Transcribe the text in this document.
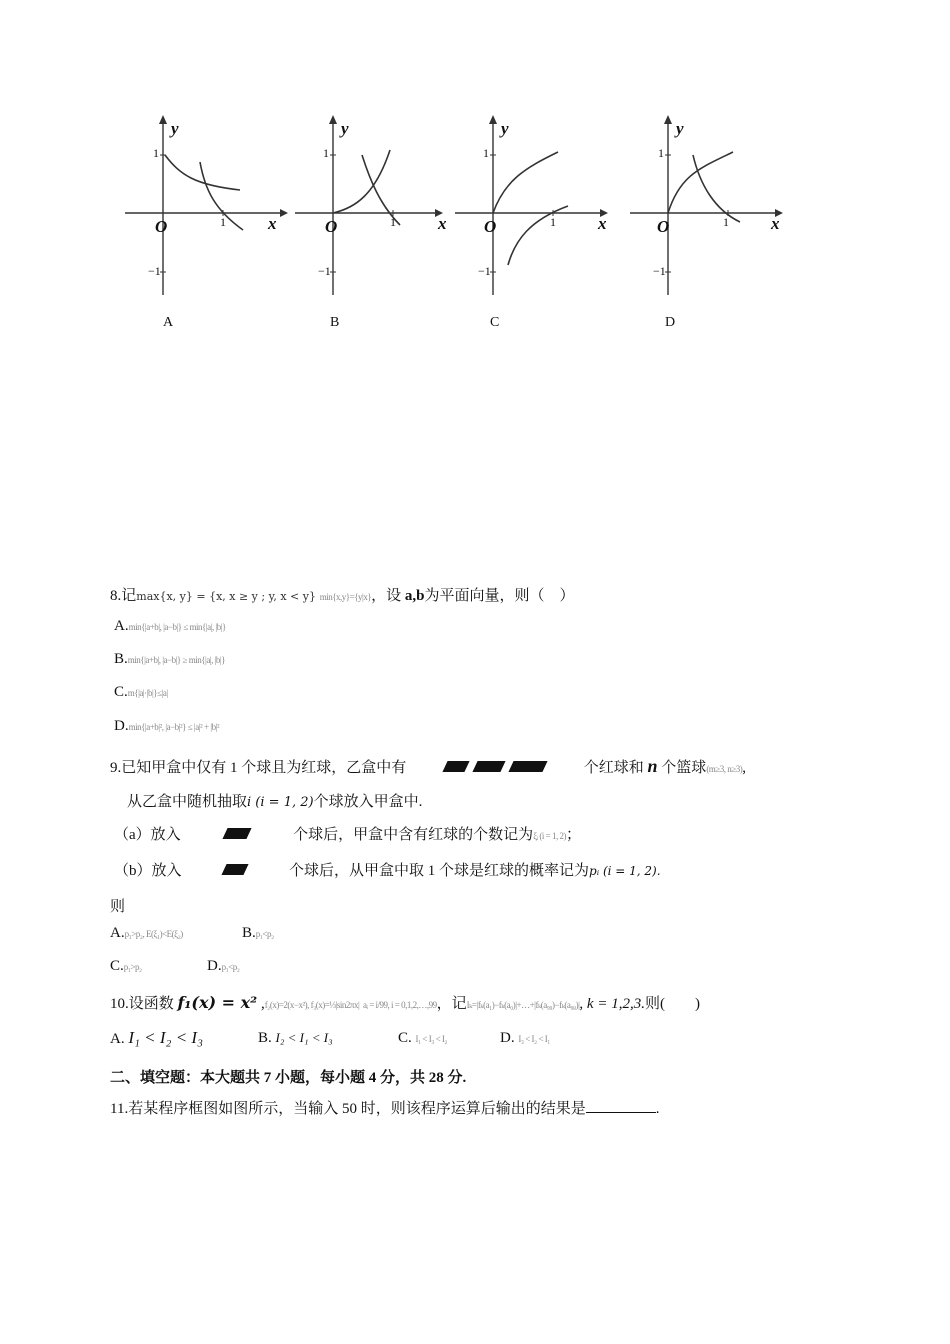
y
1
−1
O	1 x
y
1
−1
O	1 x
y
1
−1
O	1 x
y
1
−1
O	1 x
A	B	C	D
8.记max{x, y} = {x, x ≥ y ; y, x < y} min{x,y}={y|x}，设 a,b为平面向量，则（　）
A.min{|a+b|, |a−b|} ≤ min{|a|, |b|}
B.min{|a+b|, |a−b|} ≥ min{|a|, |b|}
C.m{|a|·|b|}≤|a|
D.min{|a+b|², |a−b|²} ≤ |a|² + |b|²
9.已知甲盒中仅有 1 个球且为红球，乙盒中有	个红球和 n 个篮球(m≥3, n≥3),
从乙盒中随机抽取i (i = 1, 2)个球放入甲盒中.
（a）放入	个球后，甲盒中含有红球的个数记为ξᵢ (i = 1, 2)；
（b）放入	个球后，从甲盒中取 1 个球是红球的概率记为pᵢ (i = 1, 2).
则
A.p₁>p₂, E(ξ₁)<E(ξ₂)	B.p₁<p₂
C.p₁>p₂	D.p₁<p₂
10.设函数 f₁(x) = x² ,f₂(x)=2(x−x²), f₃(x)=⅓|sin2πx| aᵢ = i/99, i = 0,1,2,…,99，记Iₖ=|fₖ(a₁)−fₖ(a₀)|+…+|fₖ(a₉₉)−fₖ(a₉₈)|, k = 1,2,3.则(　　)
A. I₁ < I₂ < I₃	B. I₂ < I₁ < I₃	C. I₁ < I₃ < I₂	D. I₃ < I₂ < I₁
二、填空题：本大题共 7 小题，每小题 4 分，共 28 分.
11.若某程序框图如图所示，当输入 50 时，则该程序运算后输出的结果是	.
